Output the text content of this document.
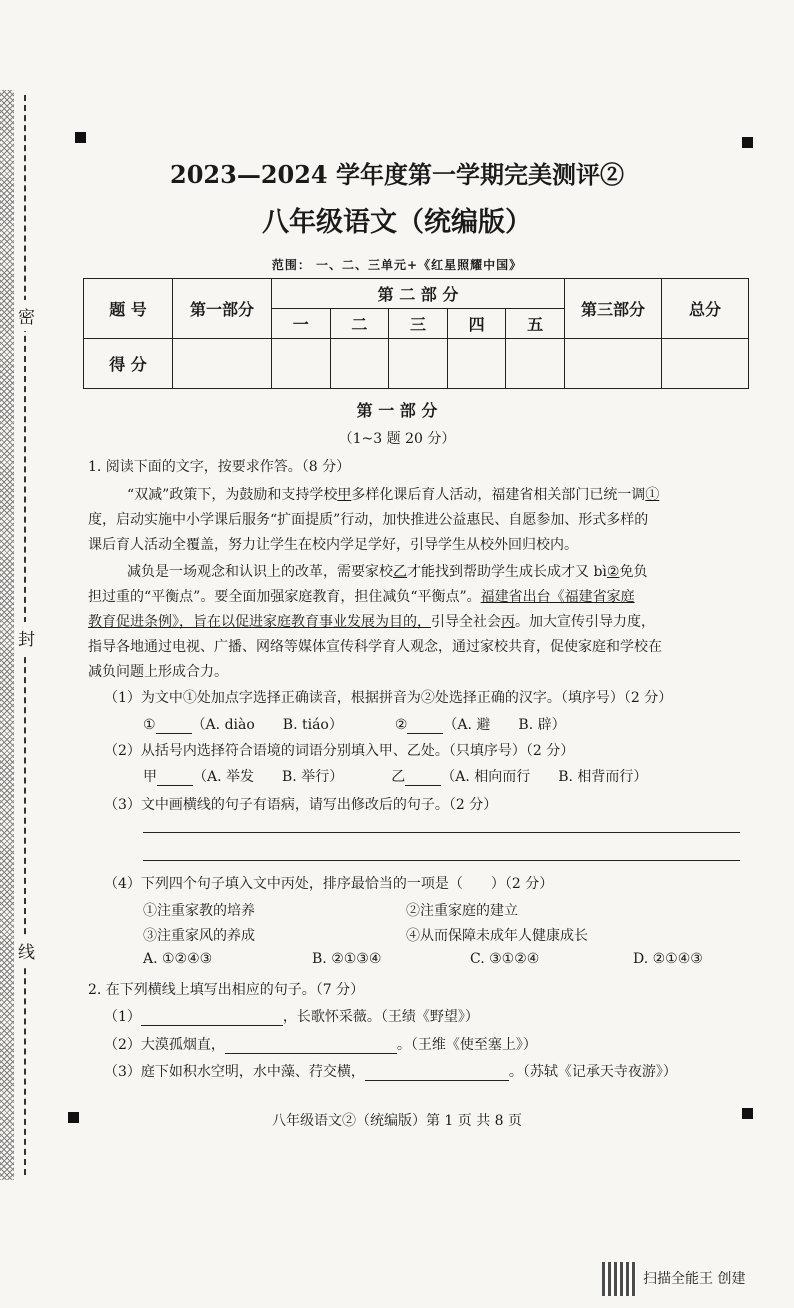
密
封
线
2023—2024 学年度第一学期完美测评②
八年级语文（统编版）
范围： 一、二、三单元+《红星照耀中国》
题 号	第一部分	第 二 部 分					第三部分	总分
		一	二	三	四	五		
得 分								
第 一 部 分
（1~3 题 20 分）
1. 阅读下面的文字，按要求作答。（8 分）
“双减”政策下，为鼓励和支持学校甲多样化课后育人活动，福建省相关部门已统一调①
度，启动实施中小学课后服务“扩面提质”行动，加快推进公益惠民、自愿参加、形式多样的
课后育人活动全覆盖，努力让学生在校内学足学好，引导学生从校外回归校内。
减负是一场观念和认识上的改革，需要家校乙才能找到帮助学生成长成才又 bì②免负
担过重的“平衡点”。要全面加强家庭教育，担住减负“平衡点”。福建省出台《福建省家庭
教育促进条例》，旨在以促进家庭教育事业发展为目的，引导全社会丙。加大宣传引导力度，
指导各地通过电视、广播、网络等媒体宣传科学育人观念，通过家校共育，促使家庭和学校在
减负问题上形成合力。
（1）为文中①处加点字选择正确读音，根据拼音为②处选择正确的汉字。（填序号）（2 分）
①	（A. diào　　B. tiáo）	②	（A. 避　　B. 辟）
（2）从括号内选择符合语境的词语分别填入甲、乙处。（只填序号）（2 分）
甲	（A. 举发　　B. 举行）	乙	（A. 相向而行　　B. 相背而行）
（3）文中画横线的句子有语病，请写出修改后的句子。（2 分）
（4）下列四个句子填入文中丙处，排序最恰当的一项是（　　）（2 分）
①注重家教的培养	②注重家庭的建立
③注重家风的养成	④从而保障未成年人健康成长
A. ①②④③	B. ②①③④	C. ③①②④	D. ②①④③
2. 在下列横线上填写出相应的句子。（7 分）
（1）	，长歌怀采薇。（王绩《野望》）
（2）大漠孤烟直，	。（王维《使至塞上》）
（3）庭下如积水空明，水中藻、荇交横，	。（苏轼《记承天寺夜游》）
八年级语文②（统编版）第 1 页 共 8 页
扫描全能王 创建
